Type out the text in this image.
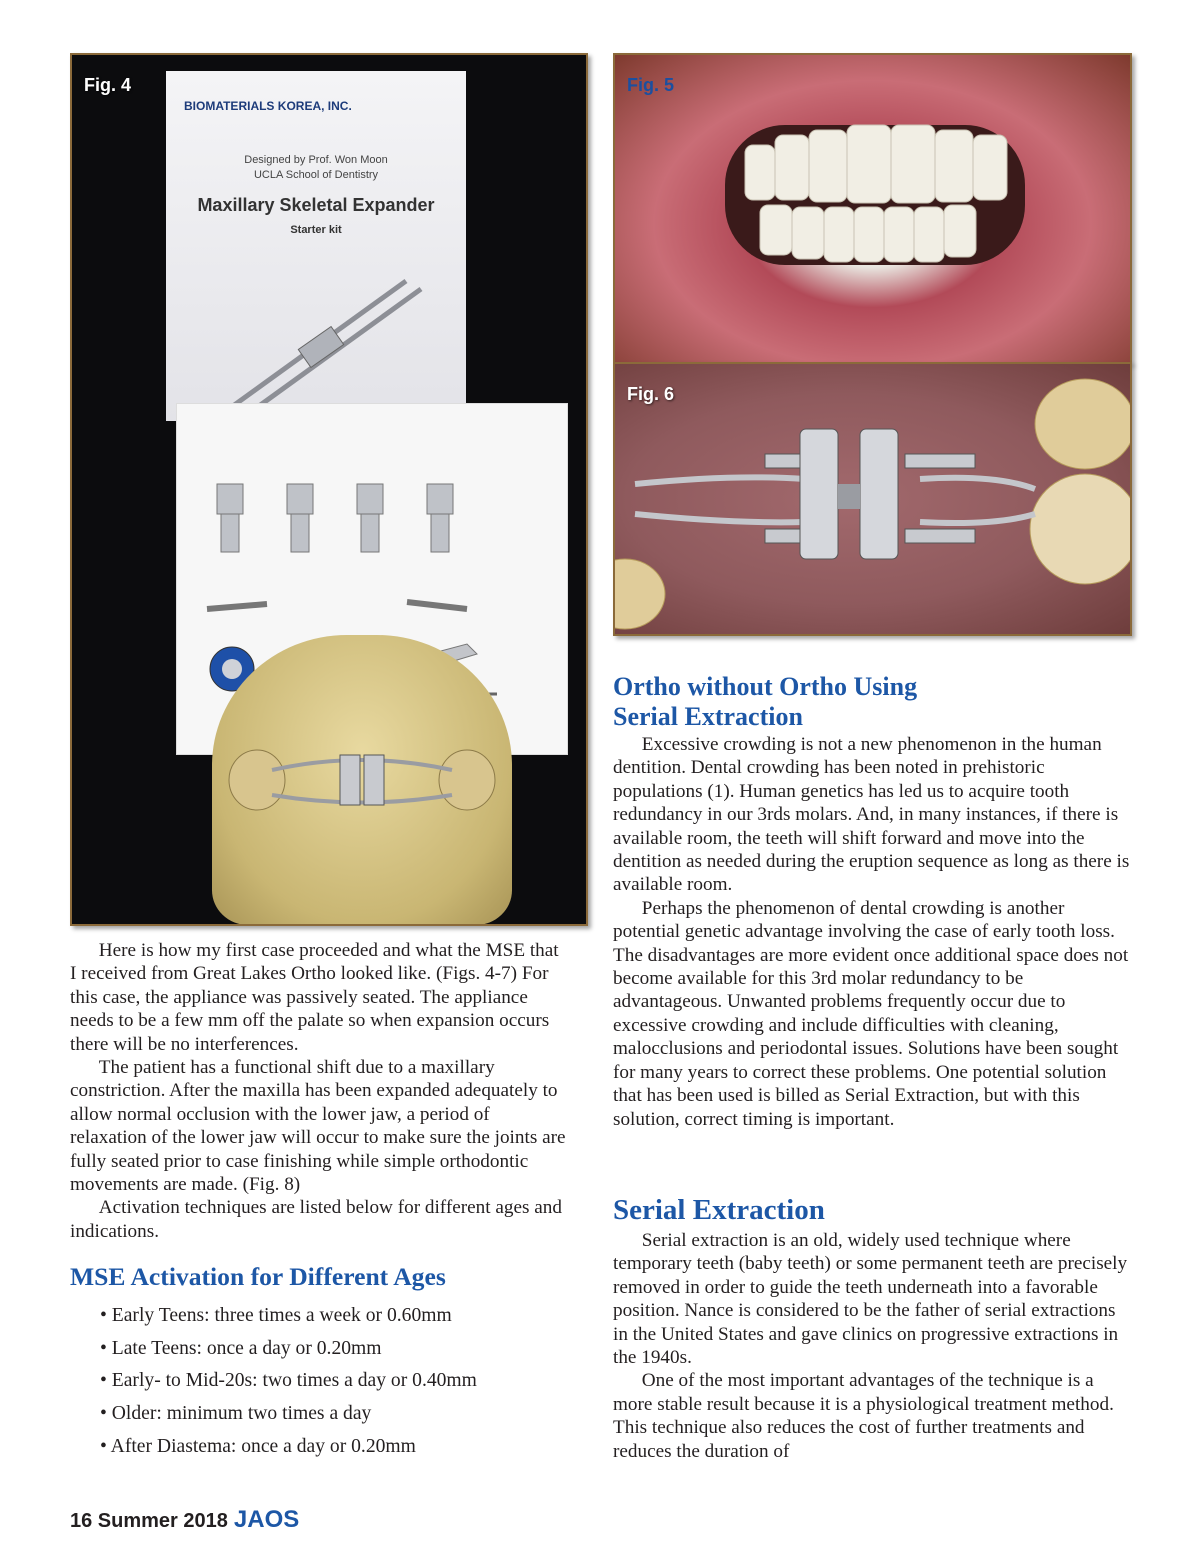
BIOMATERIALS KOREA, INC.
Designed by Prof. Won Moon
UCLA School of Dentistry
Maxillary Skeletal Expander
Starter kit
Fig. 4	Fig. 5
Fig. 6

Here is how my first case proceeded and what the MSE that I received from Great Lakes Ortho looked like. (Figs. 4-7) For this case, the appliance was passively seated. The appliance needs to be a few mm off the palate so when expansion occurs there will be no interferences.

The patient has a functional shift due to a maxillary constriction. After the maxilla has been expanded adequately to allow normal occlusion with the lower jaw, a period of relaxation of the lower jaw will occur to make sure the joints are fully seated prior to case finishing while simple orthodontic movements are made. (Fig. 8)

Activation techniques are listed below for different ages and indications.

MSE Activation for Different Ages
• Early Teens: three times a week or 0.60mm
• Late Teens: once a day or 0.20mm
• Early- to Mid-20s: two times a day or 0.40mm
• Older: minimum two times a day
• After Diastema: once a day or 0.20mm
Ortho without Ortho Using
Serial Extraction

Excessive crowding is not a new phenomenon in the human dentition. Dental crowding has been noted in prehistoric populations (1). Human genetics has led us to acquire tooth redundancy in our 3rds molars. And, in many instances, if there is available room, the teeth will shift forward and move into the dentition as needed during the eruption sequence as long as there is available room.

Perhaps the phenomenon of dental crowding is another potential genetic advantage involving the case of early tooth loss. The disadvantages are more evident once additional space does not become available for this 3rd molar redundancy to be advantageous. Unwanted problems frequently occur due to excessive crowding and include difficulties with cleaning, malocclusions and periodontal issues. Solutions have been sought for many years to correct these problems. One potential solution that has been used is billed as Serial Extraction, but with this solution, correct timing is important.

Serial Extraction

Serial extraction is an old, widely used technique where temporary teeth (baby teeth) or some permanent teeth are precisely removed in order to guide the teeth underneath into a favorable position. Nance is considered to be the father of serial extractions in the United States and gave clinics on progressive extractions in the 1940s.

One of the most important advantages of the technique is a more stable result because it is a physiological treatment method. This technique also reduces the cost of further treatments and reduces the duration of

16 Summer 2018 JAOS
